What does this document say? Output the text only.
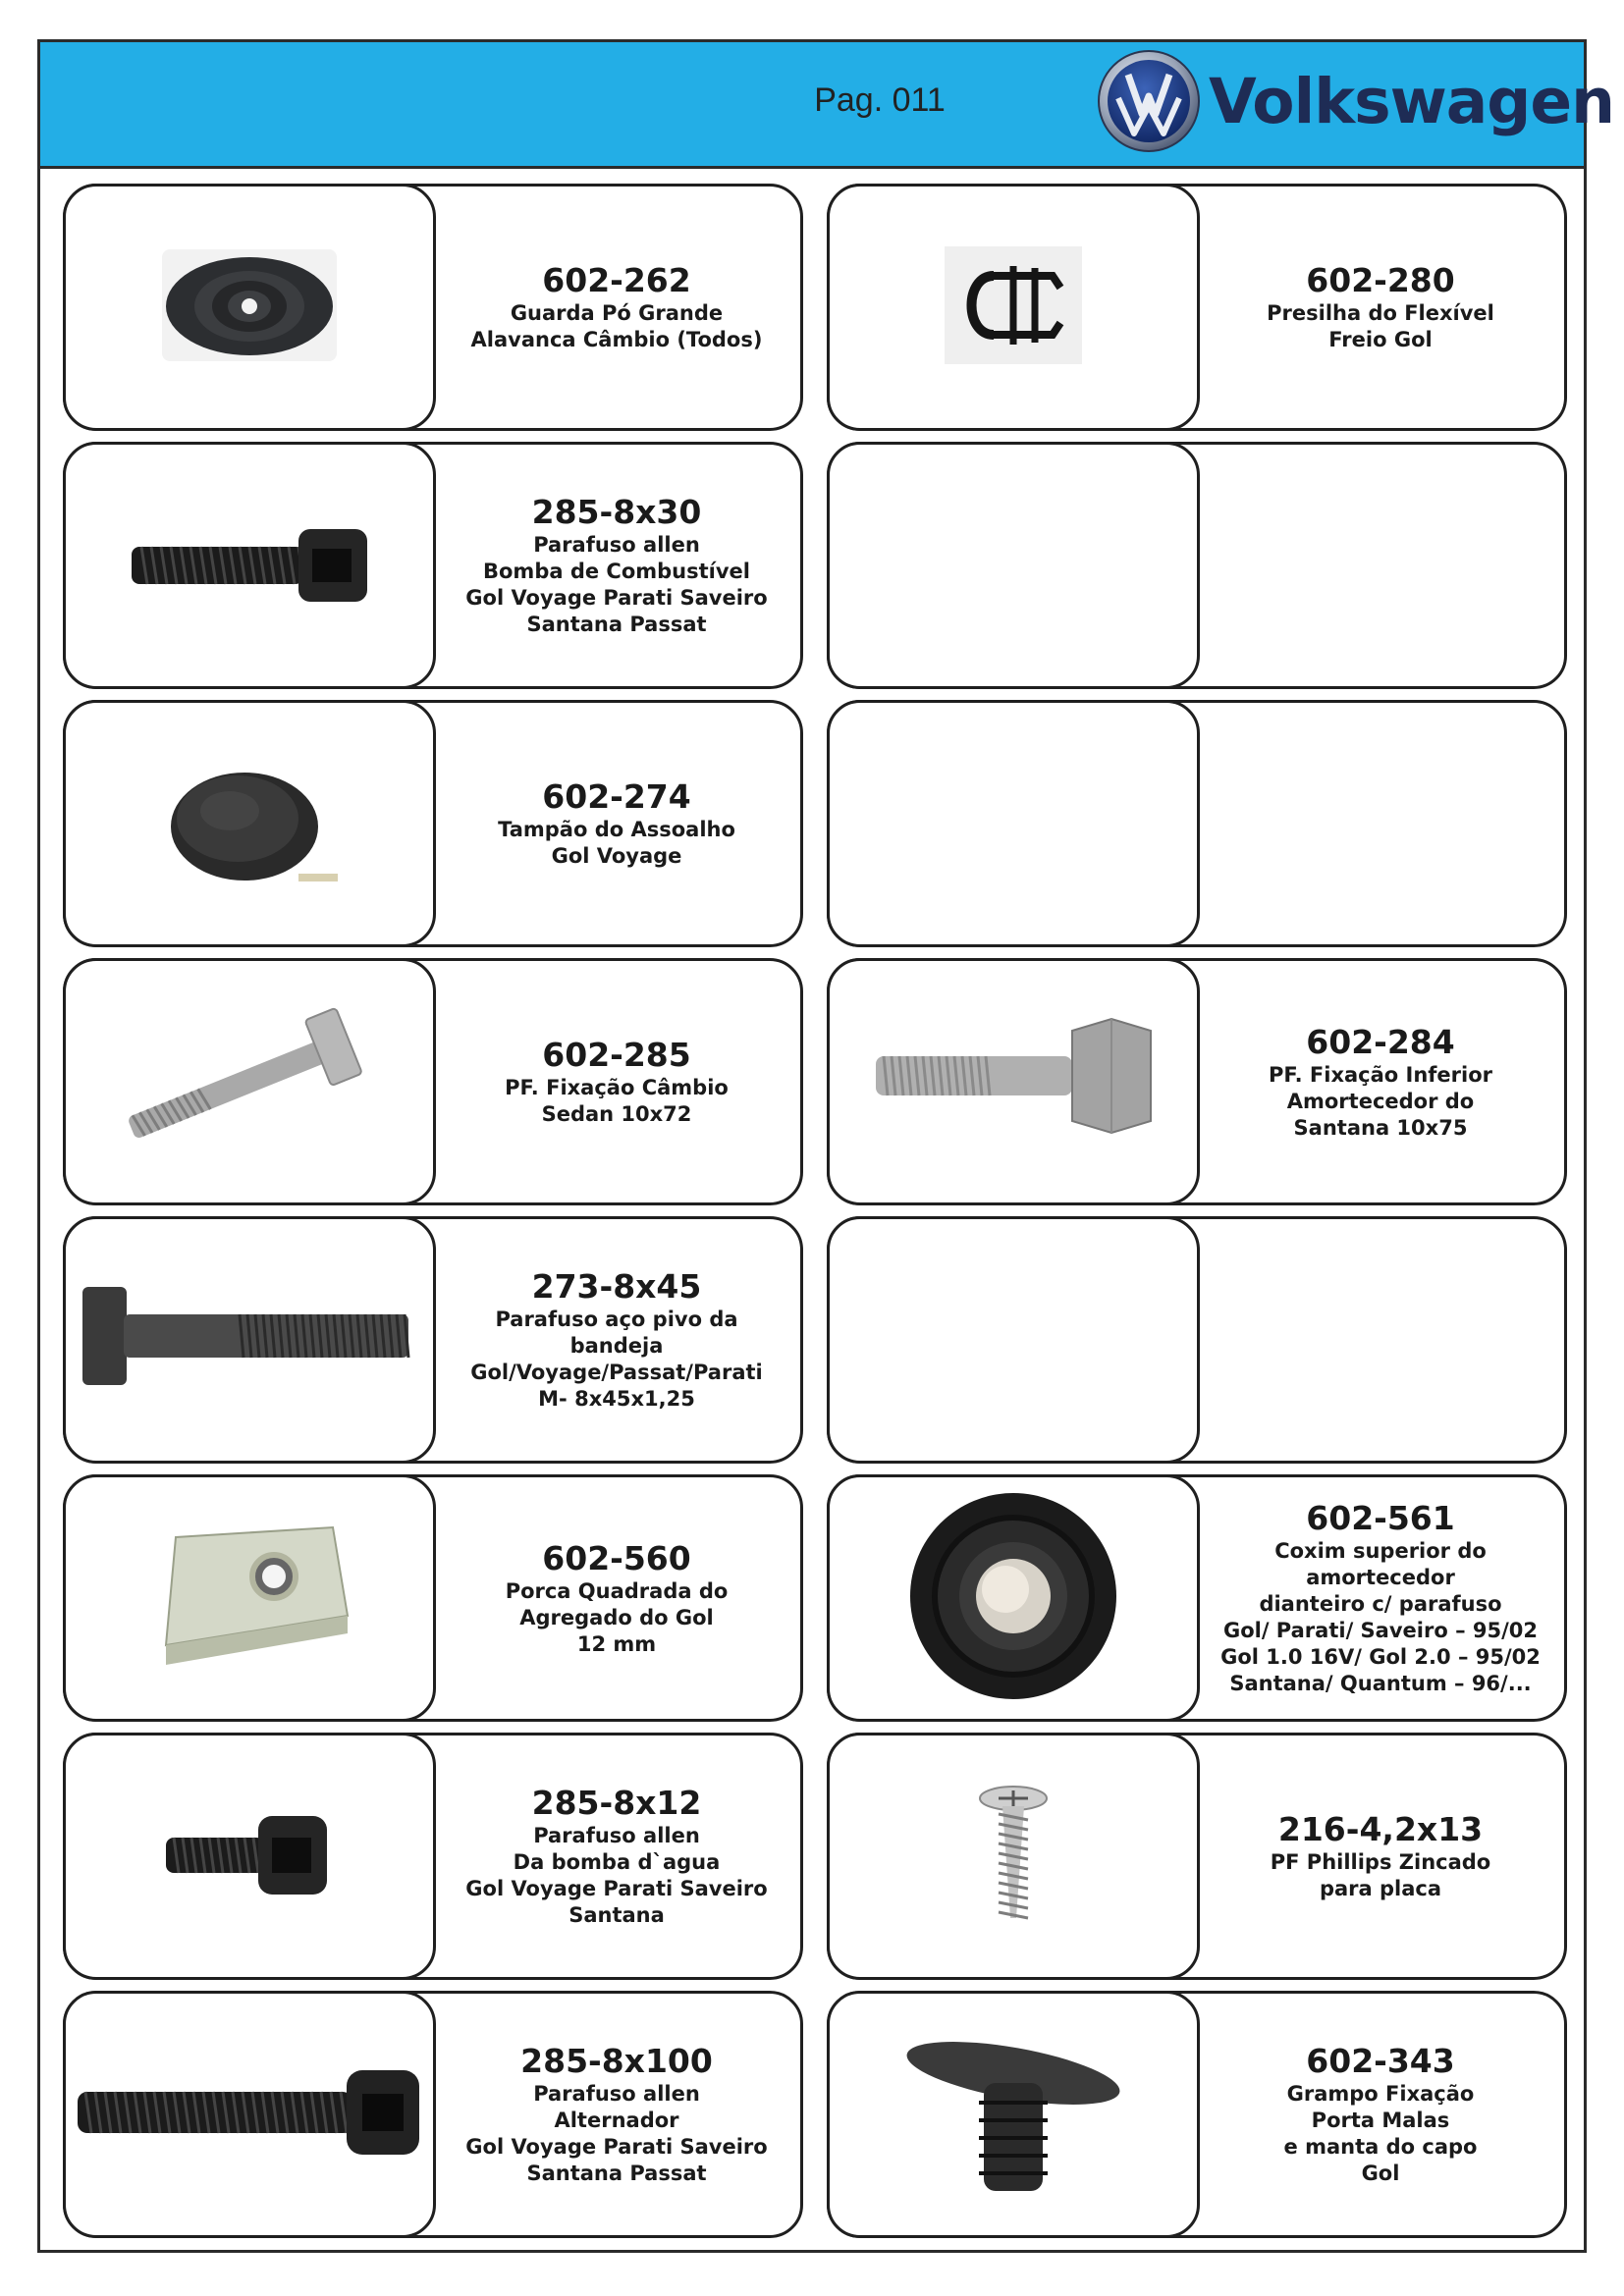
Pag. 011	Volkswagen
602-262
Guarda Pó Grande
Alavanca Câmbio (Todos)
602-280
Presilha do Flexível
Freio Gol
285-8x30
Parafuso allen
Bomba de Combustível
Gol Voyage Parati Saveiro
Santana Passat
602-274
Tampão do Assoalho
Gol Voyage
602-285
PF. Fixação Câmbio
Sedan 10x72
602-284
PF. Fixação Inferior
Amortecedor do
Santana 10x75
273-8x45
Parafuso aço pivo da
bandeja
Gol/Voyage/Passat/Parati
M- 8x45x1,25
602-560
Porca Quadrada do
Agregado do Gol
12 mm
602-561
Coxim superior do amortecedor
dianteiro c/ parafuso
Gol/ Parati/ Saveiro – 95/02
Gol 1.0 16V/ Gol 2.0 – 95/02
Santana/ Quantum – 96/...
285-8x12
Parafuso allen
Da bomba d`agua
Gol Voyage Parati Saveiro
Santana
216-4,2x13
PF Phillips Zincado
para placa
285-8x100
Parafuso allen
Alternador
Gol Voyage Parati Saveiro
Santana Passat
602-343
Grampo Fixação
Porta Malas
e manta do capo
Gol
